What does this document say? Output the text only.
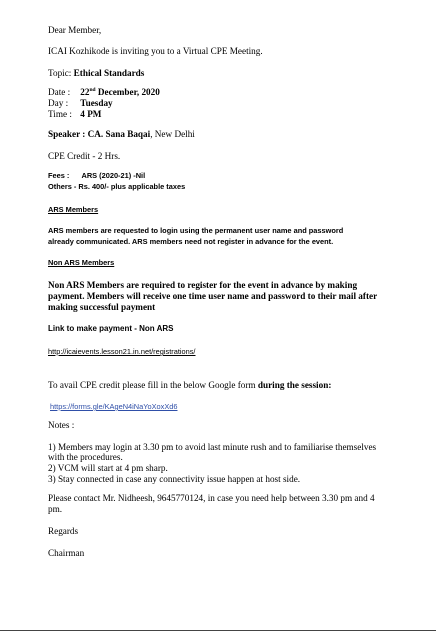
Dear Member,
ICAI Kozhikode is inviting you to a Virtual CPE Meeting.
Topic: Ethical Standards
Date : 22nd December, 2020
Day : Tuesday
Time : 4 PM
Speaker : CA. Sana Baqai, New Delhi
CPE Credit - 2 Hrs.
Fees : ARS (2020-21) -Nil
Others - Rs. 400/- plus applicable taxes
ARS Members
ARS members are requested to login using the permanent user name and password
already communicated. ARS members need not register in advance for the event.
Non ARS Members
Non ARS Members are required to register for the event in advance by making
payment. Members will receive one time user name and password to their mail after
making successful payment
Link to make payment - Non ARS
http://icaievents.lesson21.in.net/registrations/
To avail CPE credit please fill in the below Google form during the session:
https://forms.gle/KAgeN4iNaYoXoxXd6
Notes :
1) Members may login at 3.30 pm to avoid last minute rush and to familiarise themselves
with the procedures.
2) VCM will start at 4 pm sharp.
3) Stay connected in case any connectivity issue happen at host side.
Please contact Mr. Nidheesh, 9645770124, in case you need help between 3.30 pm and 4
pm.
Regards
Chairman
